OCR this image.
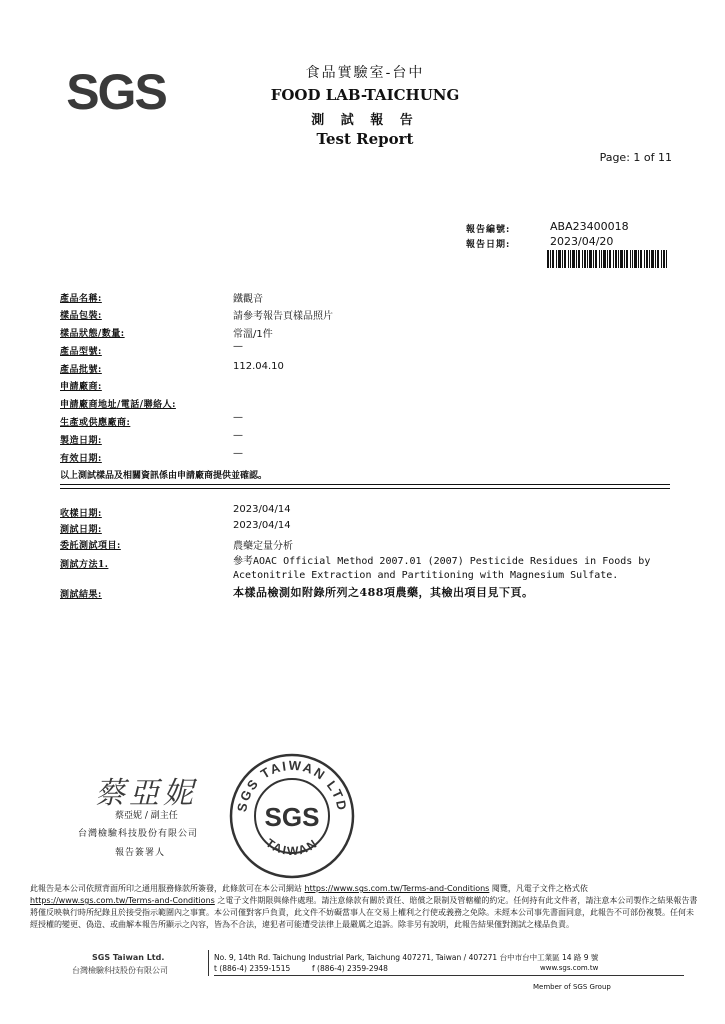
SGS	食品實驗室-台中
FOOD LAB-TAICHUNG
測 試 報 告
Test Report
Page: 1 of 11
報告編號:	ABA23400018
報告日期:	2023/04/20
產品名稱:	鐵觀音
樣品包裝:	請參考報告頁樣品照片
樣品狀態/數量:	常溫/1件
產品型號:	—
產品批號:	112.04.10
申請廠商:
申請廠商地址/電話/聯絡人:
生產或供應廠商:	—
製造日期:	—
有效日期:	—
以上測試樣品及相關資訊係由申請廠商提供並確認。
收樣日期:	2023/04/14
測試日期:	2023/04/14
委託測試項目:	農藥定量分析
測試方法1.	參考AOAC Official Method 2007.01 (2007) Pesticide Residues in Foods by Acetonitrile Extraction and Partitioning with Magnesium Sulfate.
測試結果:	本樣品檢測如附錄所列之488項農藥，其檢出項目見下頁。
蔡亞妮
蔡亞妮 / 副主任
台灣檢驗科技股份有限公司
報告簽署人
SGS TAIWAN LTD
SGS
TAIWAN
此報告是本公司依照背面所印之通用服務條款所簽發，此條款可在本公司網站 https://www.sgs.com.tw/Terms-and-Conditions 閱覽，凡電子文件之格式依 https://www.sgs.com.tw/Terms-and-Conditions 之電子文件期限與條件處理。請注意條款有關於責任、賠償之限制及管轄權的約定。任何持有此文件者，請注意本公司製作之結果報告書將僅反映執行時所紀錄且於接受指示範圍內之事實。本公司僅對客戶負責，此文件不妨礙當事人在交易上權利之行使或義務之免除。未經本公司事先書面同意，此報告不可部份複製。任何未經授權的變更、偽造、或曲解本報告所顯示之內容，皆為不合法，違犯者可能遭受法律上最嚴厲之追訴。除非另有說明，此報告結果僅對測試之樣品負責。
SGS Taiwan Ltd.
台灣檢驗科技股份有限公司
No. 9, 14th Rd. Taichung Industrial Park, Taichung 407271, Taiwan / 407271 台中市台中工業區 14 路 9 號
t (886-4) 2359-1515	f (886-4) 2359-2948	www.sgs.com.tw
Member of SGS Group
